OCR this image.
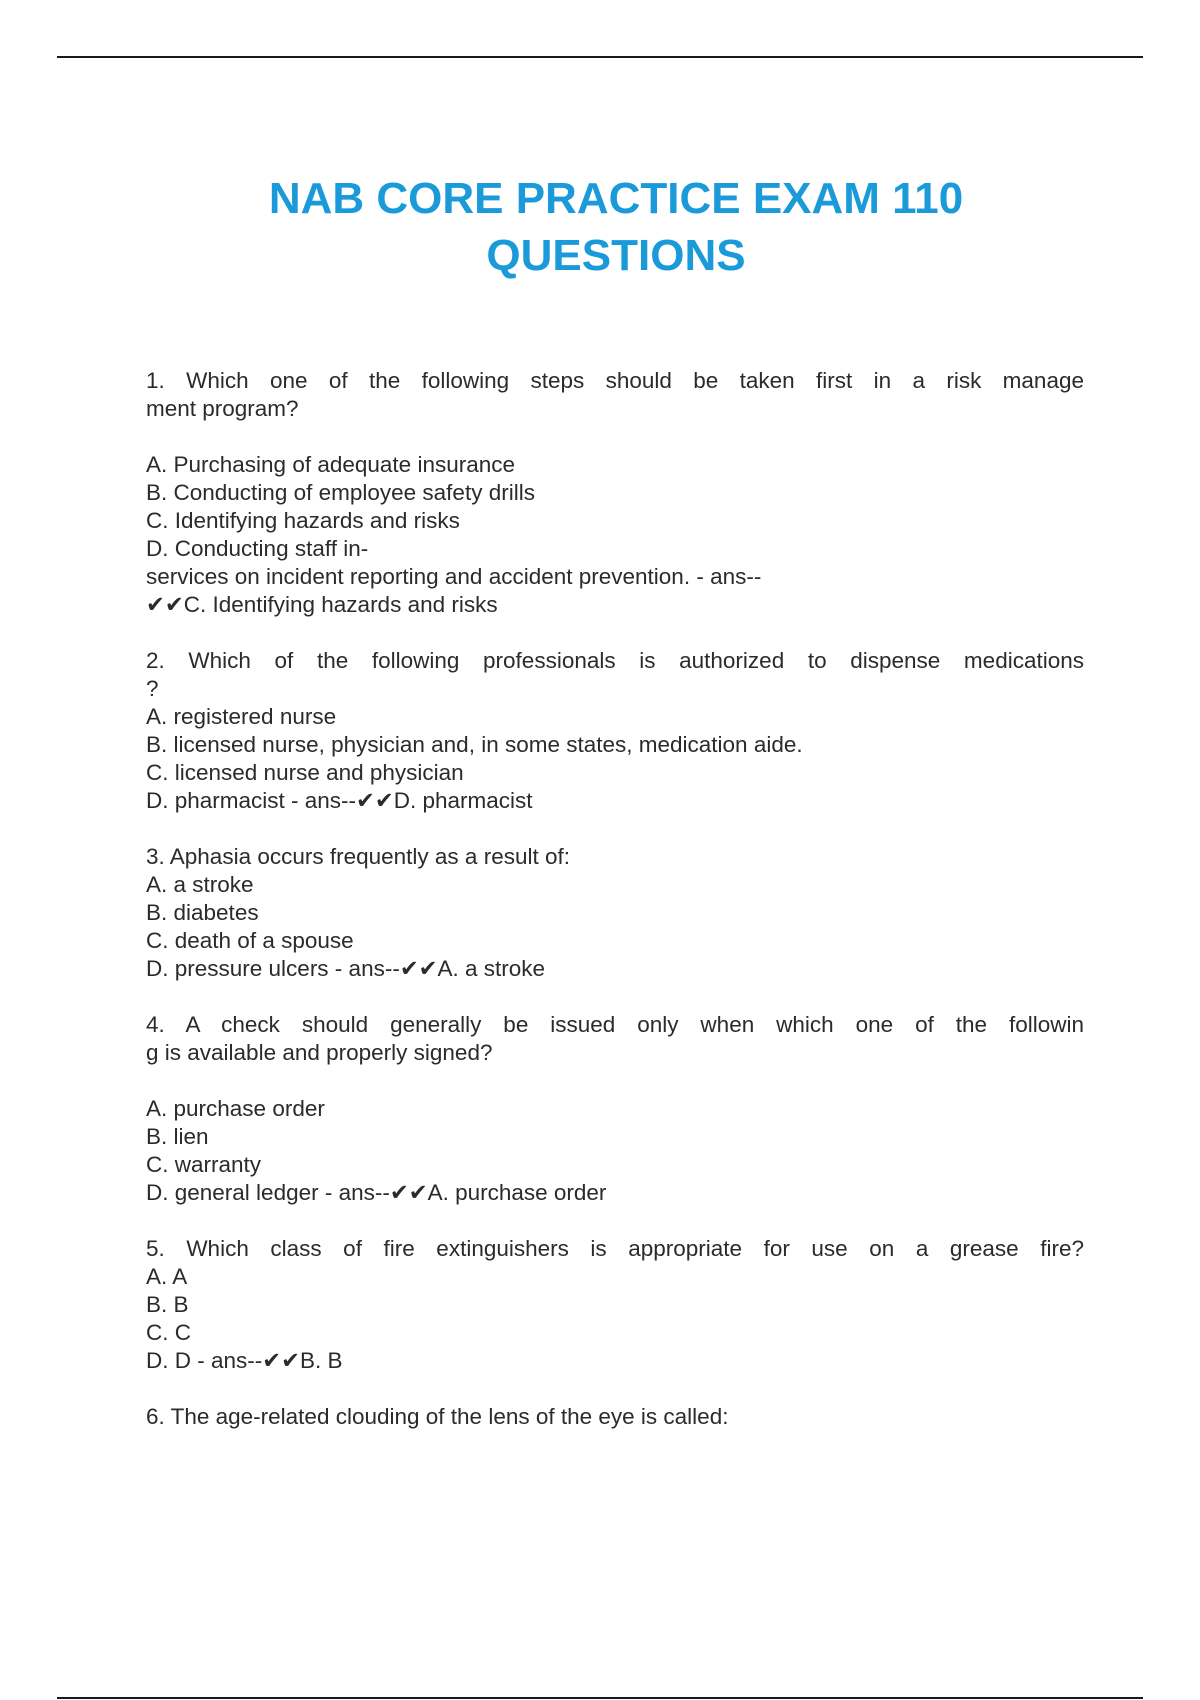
NAB CORE PRACTICE EXAM 110
QUESTIONS
1. Which one of the following steps should be taken first in a risk manage
ment program?
A. Purchasing of adequate insurance
B. Conducting of employee safety drills
C. Identifying hazards and risks
D. Conducting staff in-
services on incident reporting and accident prevention. - ans--
✔✔C. Identifying hazards and risks
2. Which of the following professionals is authorized to dispense medications
?
A. registered nurse
B. licensed nurse, physician and, in some states, medication aide.
C. licensed nurse and physician
D. pharmacist - ans--✔✔D. pharmacist
3. Aphasia occurs frequently as a result of:
A. a stroke
B. diabetes
C. death of a spouse
D. pressure ulcers - ans--✔✔A. a stroke
4. A check should generally be issued only when which one of the followin
g is available and properly signed?
A. purchase order
B. lien
C. warranty
D. general ledger - ans--✔✔A. purchase order
5. Which class of fire extinguishers is appropriate for use on a grease fire?
A. A
B. B
C. C
D. D - ans--✔✔B. B
6. The age-related clouding of the lens of the eye is called:
